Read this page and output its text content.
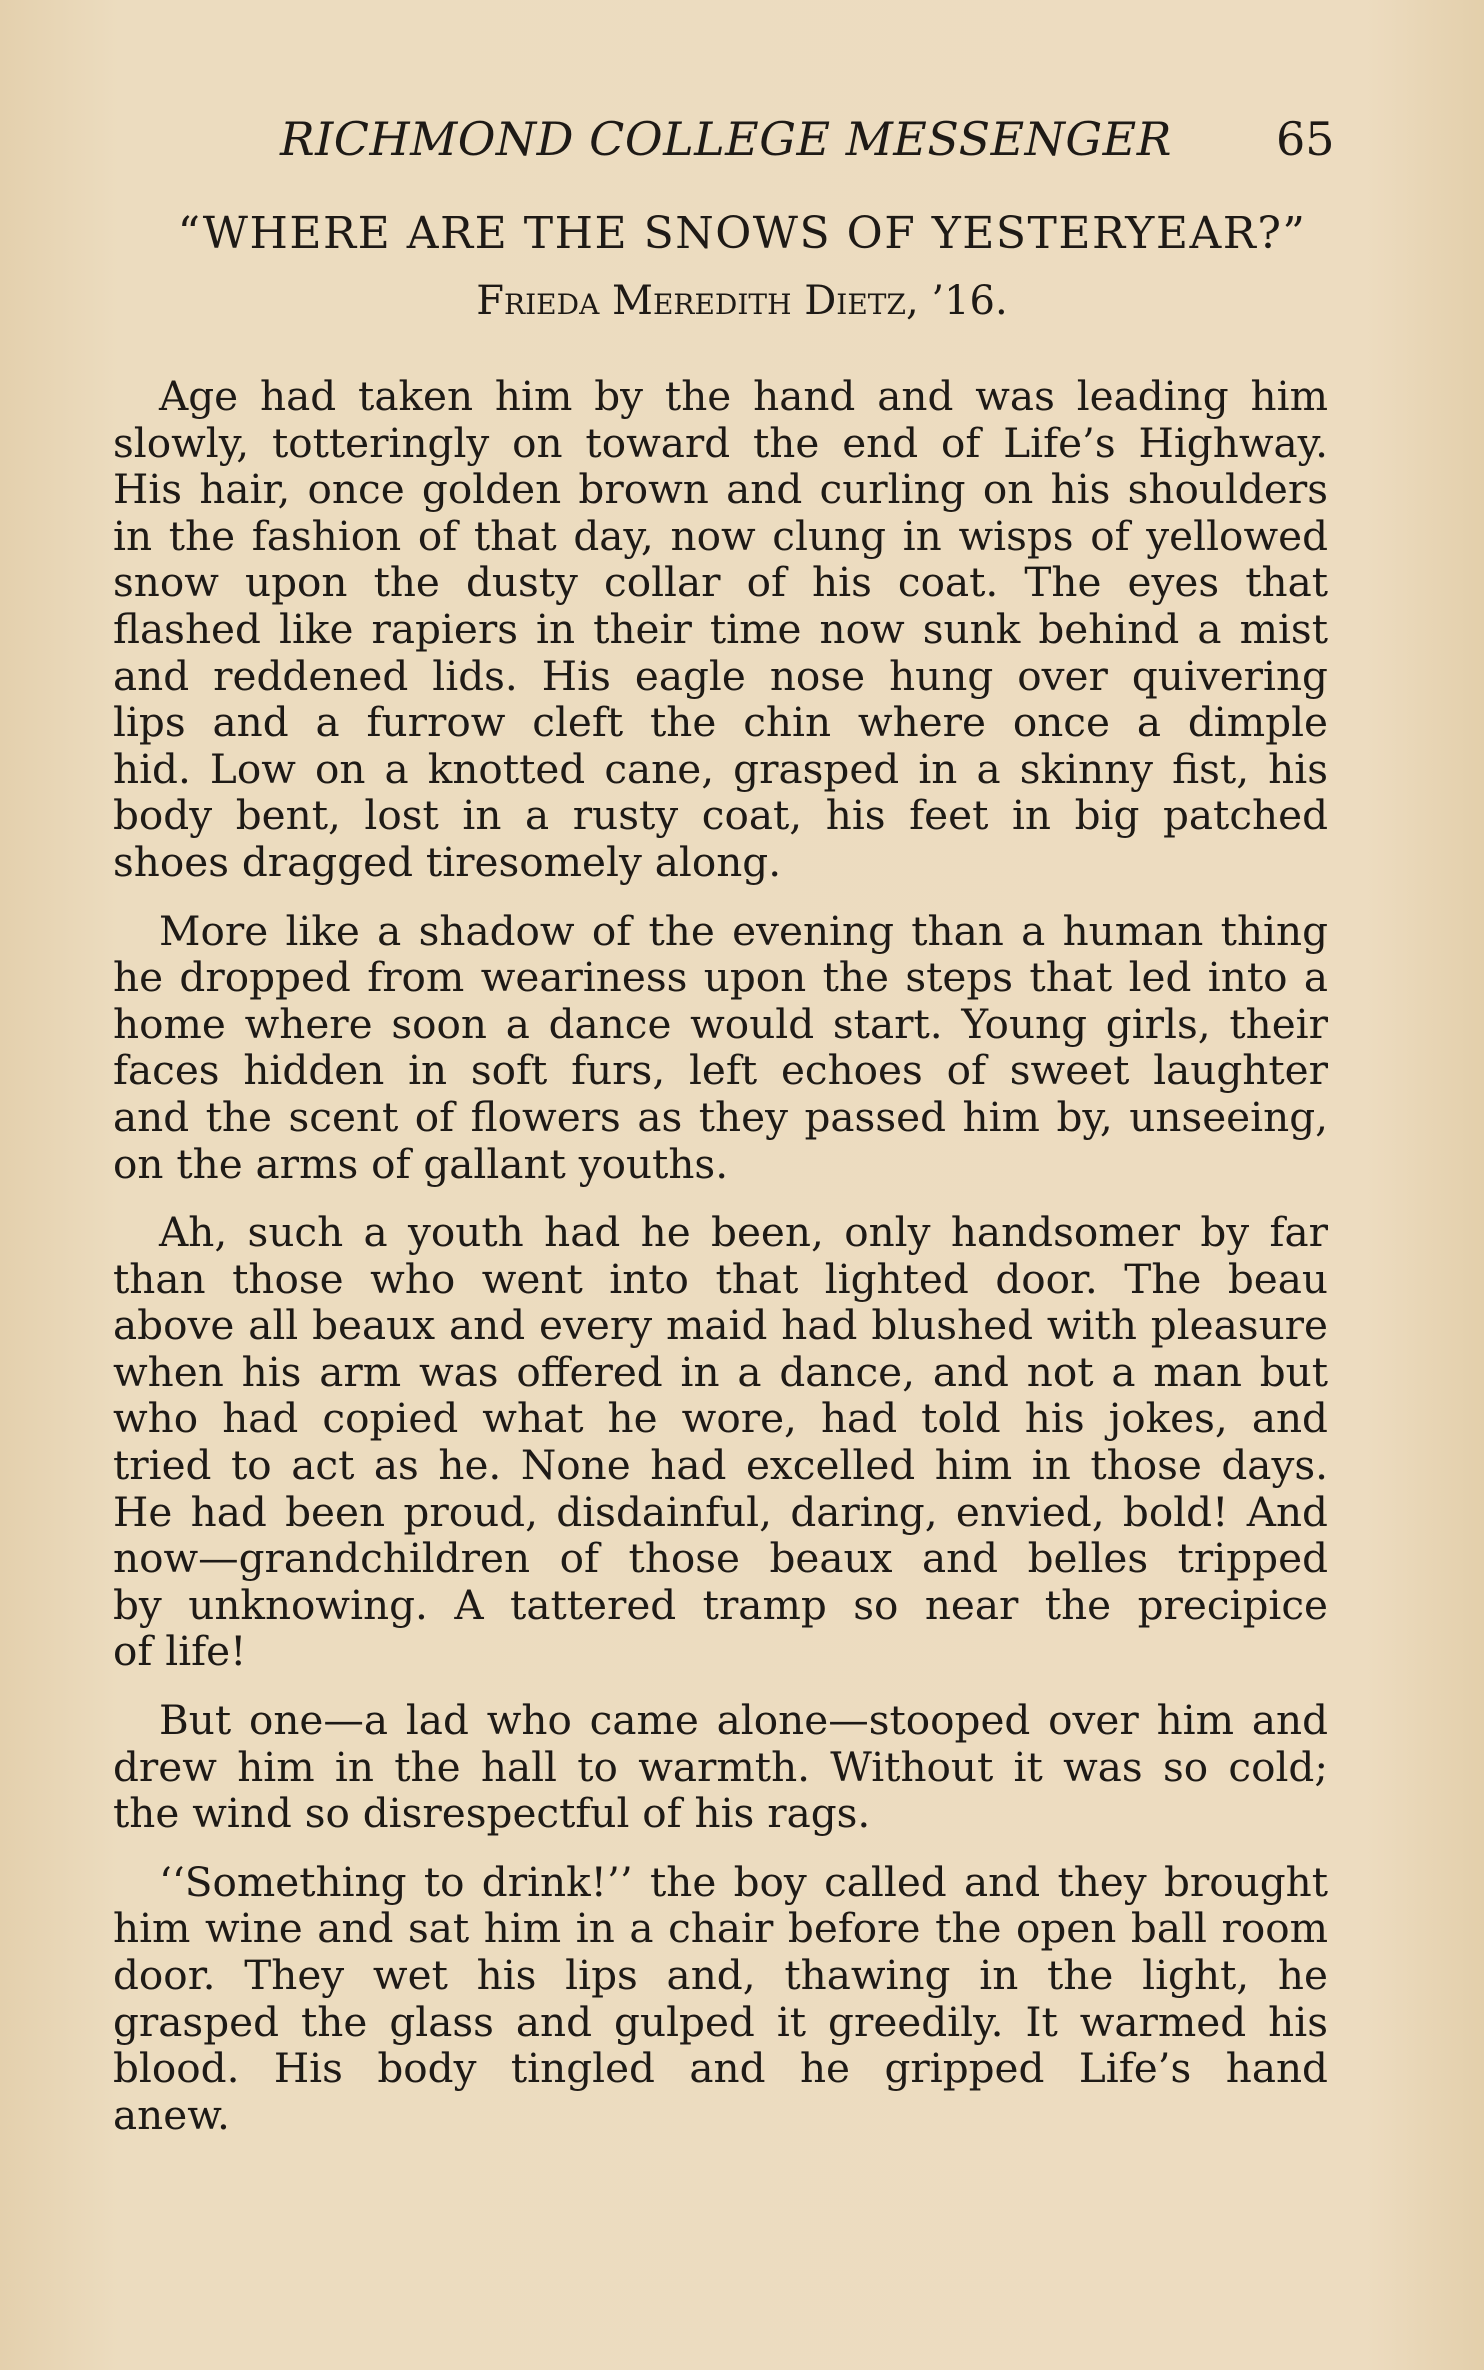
RICHMOND COLLEGE MESSENGER 65
“WHERE ARE THE SNOWS OF YESTERYEAR?”
Frieda Meredith Dietz, ’16.
Age had taken him by the hand and was leading him
slowly, totteringly on toward the end of Life’s Highway.
His hair, once golden brown and curling on his shoulders
in the fashion of that day, now clung in wisps of yellowed
snow upon the dusty collar of his coat. The eyes that
flashed like rapiers in their time now sunk behind a mist
and reddened lids. His eagle nose hung over quivering
lips and a furrow cleft the chin where once a dimple
hid. Low on a knotted cane, grasped in a skinny fist, his
body bent, lost in a rusty coat, his feet in big patched
shoes dragged tiresomely along.
More like a shadow of the evening than a human thing
he dropped from weariness upon the steps that led into a
home where soon a dance would start. Young girls, their
faces hidden in soft furs, left echoes of sweet laughter
and the scent of flowers as they passed him by, unseeing,
on the arms of gallant youths.
Ah, such a youth had he been, only handsomer by far
than those who went into that lighted door. The beau
above all beaux and every maid had blushed with pleasure
when his arm was offered in a dance, and not a man but
who had copied what he wore, had told his jokes, and
tried to act as he. None had excelled him in those days.
He had been proud, disdainful, daring, envied, bold! And
now—grandchildren of those beaux and belles tripped
by unknowing. A tattered tramp so near the precipice
of life!
But one—a lad who came alone—stooped over him and
drew him in the hall to warmth. Without it was so cold;
the wind so disrespectful of his rags.
‘‘Something to drink!’’ the boy called and they brought
him wine and sat him in a chair before the open ball room
door. They wet his lips and, thawing in the light, he
grasped the glass and gulped it greedily. It warmed his
blood. His body tingled and he gripped Life’s hand
anew.
